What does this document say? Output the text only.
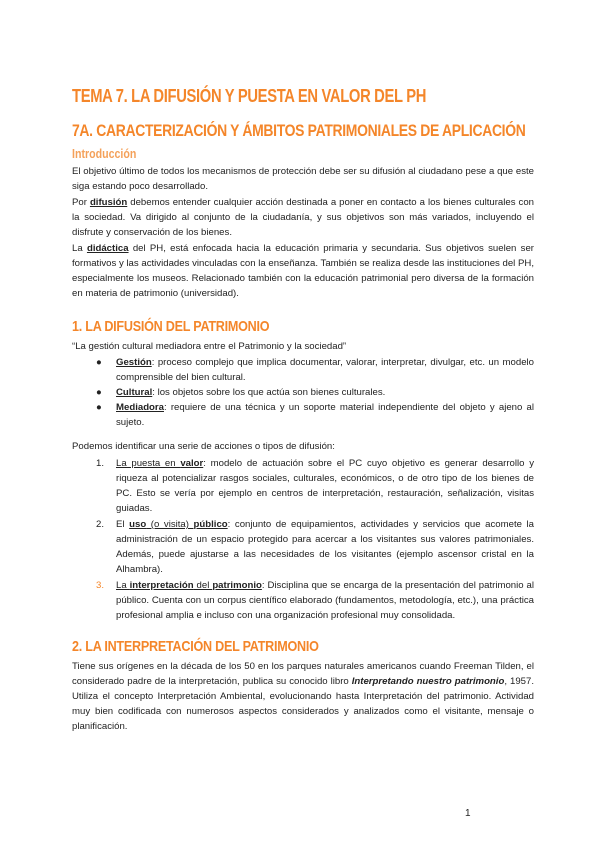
TEMA 7. LA DIFUSIÓN Y PUESTA EN VALOR DEL PH
7A. CARACTERIZACIÓN Y ÁMBITOS PATRIMONIALES DE APLICACIÓN
Introducción

El objetivo último de todos los mecanismos de protección debe ser su difusión al ciudadano pese a que este siga estando poco desarrollado.

Por difusión debemos entender cualquier acción destinada a poner en contacto a los bienes culturales con la sociedad. Va dirigido al conjunto de la ciudadanía, y sus objetivos son más variados, incluyendo el disfrute y conservación de los bienes.

La didáctica del PH, está enfocada hacia la educación primaria y secundaria. Sus objetivos suelen ser formativos y las actividades vinculadas con la enseñanza. También se realiza desde las instituciones del PH, especialmente los museos. Relacionado también con la educación patrimonial pero diversa de la formación en materia de patrimonio (universidad).

1. LA DIFUSIÓN DEL PATRIMONIO

“La gestión cultural mediadora entre el Patrimonio y la sociedad”

● Gestión: proceso complejo que implica documentar, valorar, interpretar, divulgar, etc. un modelo comprensible del bien cultural.
● Cultural: los objetos sobre los que actúa son bienes culturales.
● Mediadora: requiere de una técnica y un soporte material independiente del objeto y ajeno al sujeto.

Podemos identificar una serie de acciones o tipos de difusión:

1. La puesta en valor: modelo de actuación sobre el PC cuyo objetivo es generar desarrollo y riqueza al potencializar rasgos sociales, culturales, económicos, o de otro tipo de los bienes de PC. Esto se vería por ejemplo en centros de interpretación, restauración, señalización, visitas guiadas.
2. El uso (o visita) público: conjunto de equipamientos, actividades y servicios que acomete la administración de un espacio protegido para acercar a los visitantes sus valores patrimoniales. Además, puede ajustarse a las necesidades de los visitantes (ejemplo ascensor cristal en la Alhambra).
3. La interpretación del patrimonio: Disciplina que se encarga de la presentación del patrimonio al público. Cuenta con un corpus científico elaborado (fundamentos, metodología, etc.), una práctica profesional amplia e incluso con una organización profesional muy consolidada.
2. LA INTERPRETACIÓN DEL PATRIMONIO

Tiene sus orígenes en la década de los 50 en los parques naturales americanos cuando Freeman Tilden, el considerado padre de la interpretación, publica su conocido libro Interpretando nuestro patrimonio, 1957. Utiliza el concepto Interpretación Ambiental, evolucionando hasta Interpretación del patrimonio. Actividad muy bien codificada con numerosos aspectos considerados y analizados como el visitante, mensaje o planificación.

1
